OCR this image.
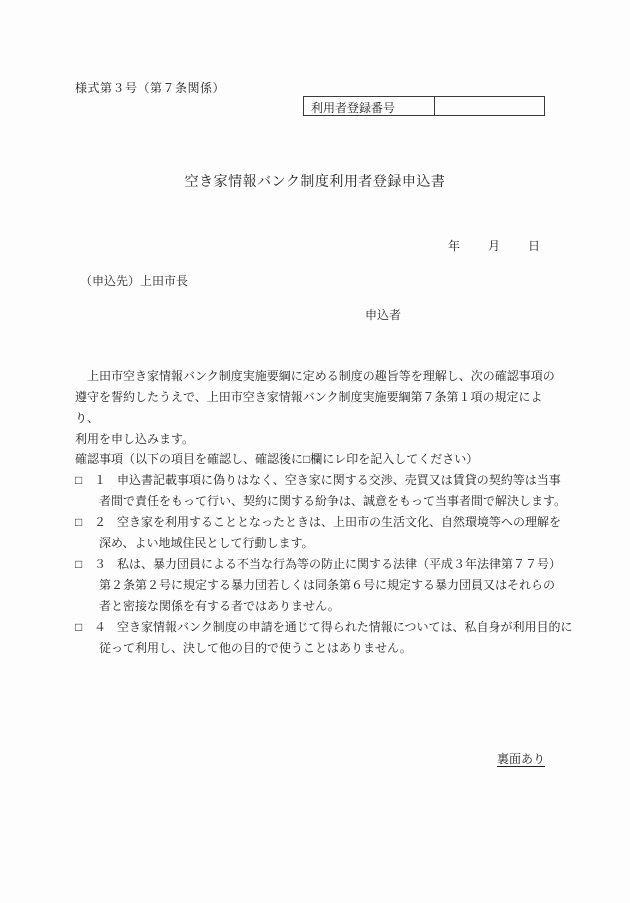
様式第３号（第７条関係）
利用者登録番号
空き家情報バンク制度利用者登録申込書
年 月 日
（申込先）上田市長
申込者
　上田市空き家情報バンク制度実施要綱に定める制度の趣旨等を理解し、次の確認事項の
遵守を誓約したうえで、上田市空き家情報バンク制度実施要綱第７条第１項の規定により、
利用を申し込みます。
確認事項（以下の項目を確認し、確認後に□欄にレ印を記入してください）
□ １ 申込書記載事項に偽りはなく、空き家に関する交渉、売買又は賃貸の契約等は当事
者間で責任をもって行い、契約に関する紛争は、誠意をもって当事者間で解決します。
□ ２ 空き家を利用することとなったときは、上田市の生活文化、自然環境等への理解を
深め、よい地域住民として行動します。
□ ３ 私は、暴力団員による不当な行為等の防止に関する法律（平成３年法律第７７号）
第２条第２号に規定する暴力団若しくは同条第６号に規定する暴力団員又はそれらの
者と密接な関係を有する者ではありません。
□ ４ 空き家情報バンク制度の申請を通じて得られた情報については、私自身が利用目的に
従って利用し、決して他の目的で使うことはありません。
裏面あり
